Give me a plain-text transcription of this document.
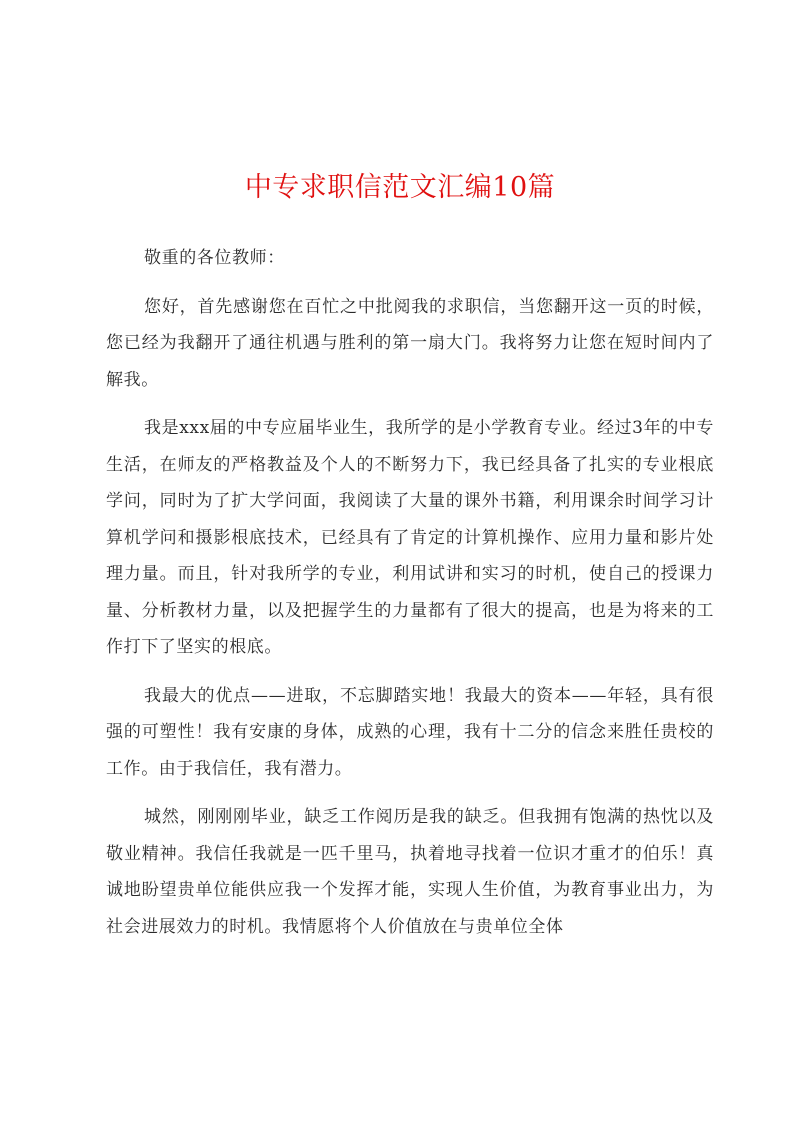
中专求职信范文汇编10篇

敬重的各位教师：

您好，首先感谢您在百忙之中批阅我的求职信，当您翻开这一页的时候，您已经为我翻开了通往机遇与胜利的第一扇大门。我将努力让您在短时间内了解我。

我是xxx届的中专应届毕业生，我所学的是小学教育专业。经过3年的中专生活，在师友的严格教益及个人的不断努力下，我已经具备了扎实的专业根底学问，同时为了扩大学问面，我阅读了大量的课外书籍，利用课余时间学习计算机学问和摄影根底技术，已经具有了肯定的计算机操作、应用力量和影片处理力量。而且，针对我所学的专业，利用试讲和实习的时机，使自己的授课力量、分析教材力量，以及把握学生的力量都有了很大的提高，也是为将来的工作打下了坚实的根底。

我最大的优点——进取，不忘脚踏实地！我最大的资本——年轻，具有很强的可塑性！我有安康的身体，成熟的心理，我有十二分的信念来胜任贵校的工作。由于我信任，我有潜力。

城然，刚刚刚毕业，缺乏工作阅历是我的缺乏。但我拥有饱满的热忱以及敬业精神。我信任我就是一匹千里马，执着地寻找着一位识才重才的伯乐！真诚地盼望贵单位能供应我一个发挥才能，实现人生价值，为教育事业出力，为社会进展效力的时机。我情愿将个人价值放在与贵单位全体
